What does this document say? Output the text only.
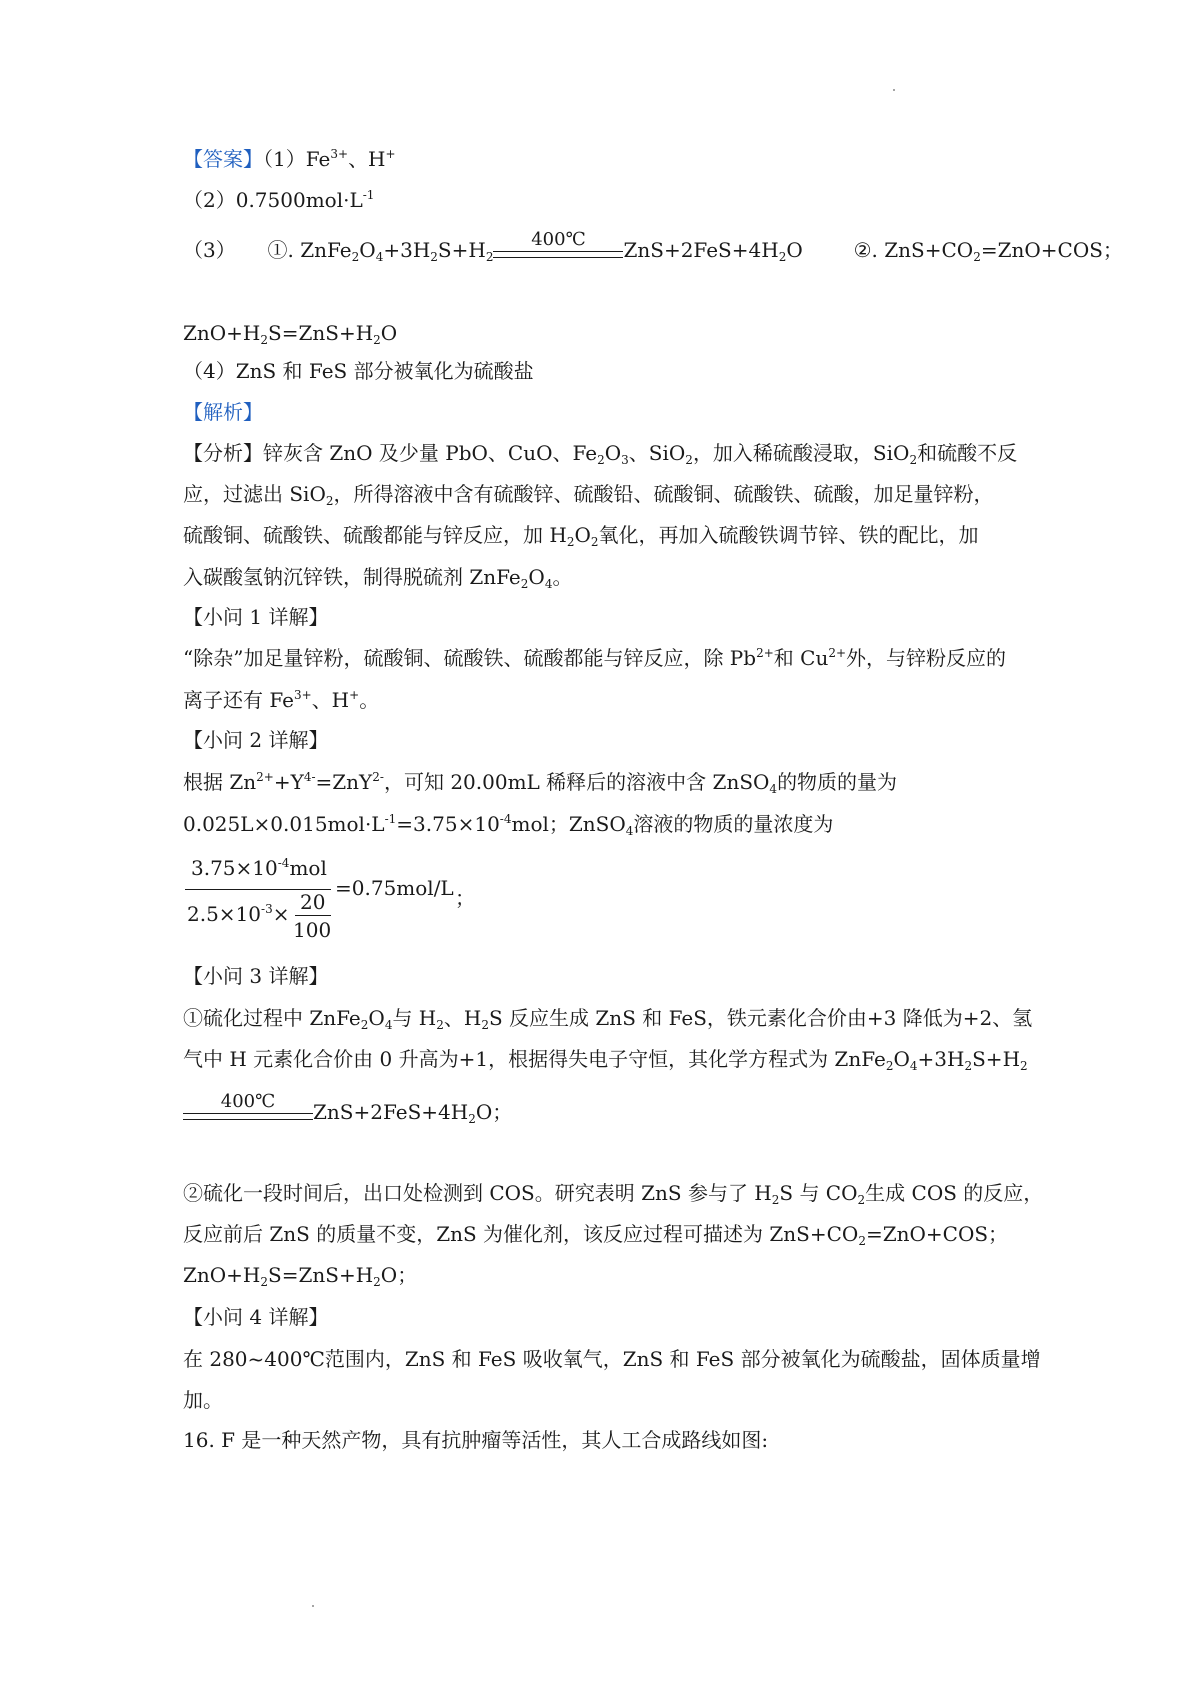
【答案】$(1)Fe^{3+}$、H+
$(2)0.7500mol\cdot L^{-1}$
（3） ①. $ZnFe_2O_4+3H_2S+H_2$
400℃	$ZnS+2FeS+4H_2O$        ②. $ZnS+CO_2=ZnO+COS$；
$ZnO+H_2S=ZnS+H_2O$
（4）ZnS 和 FeS 部分被氧化为硫酸盐
【解析】
【分析】锌灰含 ZnO 及少量 PbO、CuO、$Fe_2O_3$、SiO$_2$，加入稀硫酸浸取，SiO$_2$和硫酸不反
应，过滤出 SiO$_2$，所得溶液中含有硫酸锌、硫酸铅、硫酸铜、硫酸铁、硫酸，加足量锌粉，
硫酸铜、硫酸铁、硫酸都能与锌反应，加 $H_2O_2$氧化，再加入硫酸铁调节锌、铁的配比，加
入碳酸氢钠沉锌铁，制得脱硫剂 $ZnFe_2O_4$。
【小问 1 详解】
“除杂”加足量锌粉，硫酸铜、硫酸铁、硫酸都能与锌反应，除 $Pb^{2+}$和 $Cu^{2+}$外，与锌粉反应的
离子还有 $Fe^{3+}$、H+。
【小问 2 详解】
根据 $Zn^{2+}+Y^{4-}=ZnY^{2-}$，可知 20.00mL 稀释后的溶液中含 ZnSO$_4$的物质的量为
$0.025L\times 0.015mol\cdot L^{-1}=3.75\times 10^{-4}mol$；ZnSO$_4$溶液的物质的量浓度为
$3.75\times 10^{-4}mol$
$2.5\times 10^{-3}\times 20$
100
=0.75mol/L ；
【小问 3 详解】
①硫化过程中 $ZnFe_2O_4$与 $H_2$、$H_2S$ 反应生成 ZnS 和 FeS，铁元素化合价由+3 降低为+2、氢
气中 H 元素化合价由 0 升高为+1，根据得失电子守恒，其化学方程式为 $ZnFe_2O_4+3H_2S+H_2$
400℃	$ZnS+2FeS+4H_2O$；
②硫化一段时间后，出口处检测到 COS。研究表明 ZnS 参与了 $H_2S$ 与 $CO_2$生成 COS 的反应，
反应前后 ZnS 的质量不变，ZnS 为催化剂，该反应过程可描述为 $ZnS+CO_2=ZnO+COS$；
$ZnO+H_2S=ZnS+H_2O$；
【小问 4 详解】
在 280~400℃范围内，ZnS 和 FeS 吸收氧气，ZnS 和 FeS 部分被氧化为硫酸盐，固体质量增
加。
16. F 是一种天然产物，具有抗肿瘤等活性，其人工合成路线如图:
